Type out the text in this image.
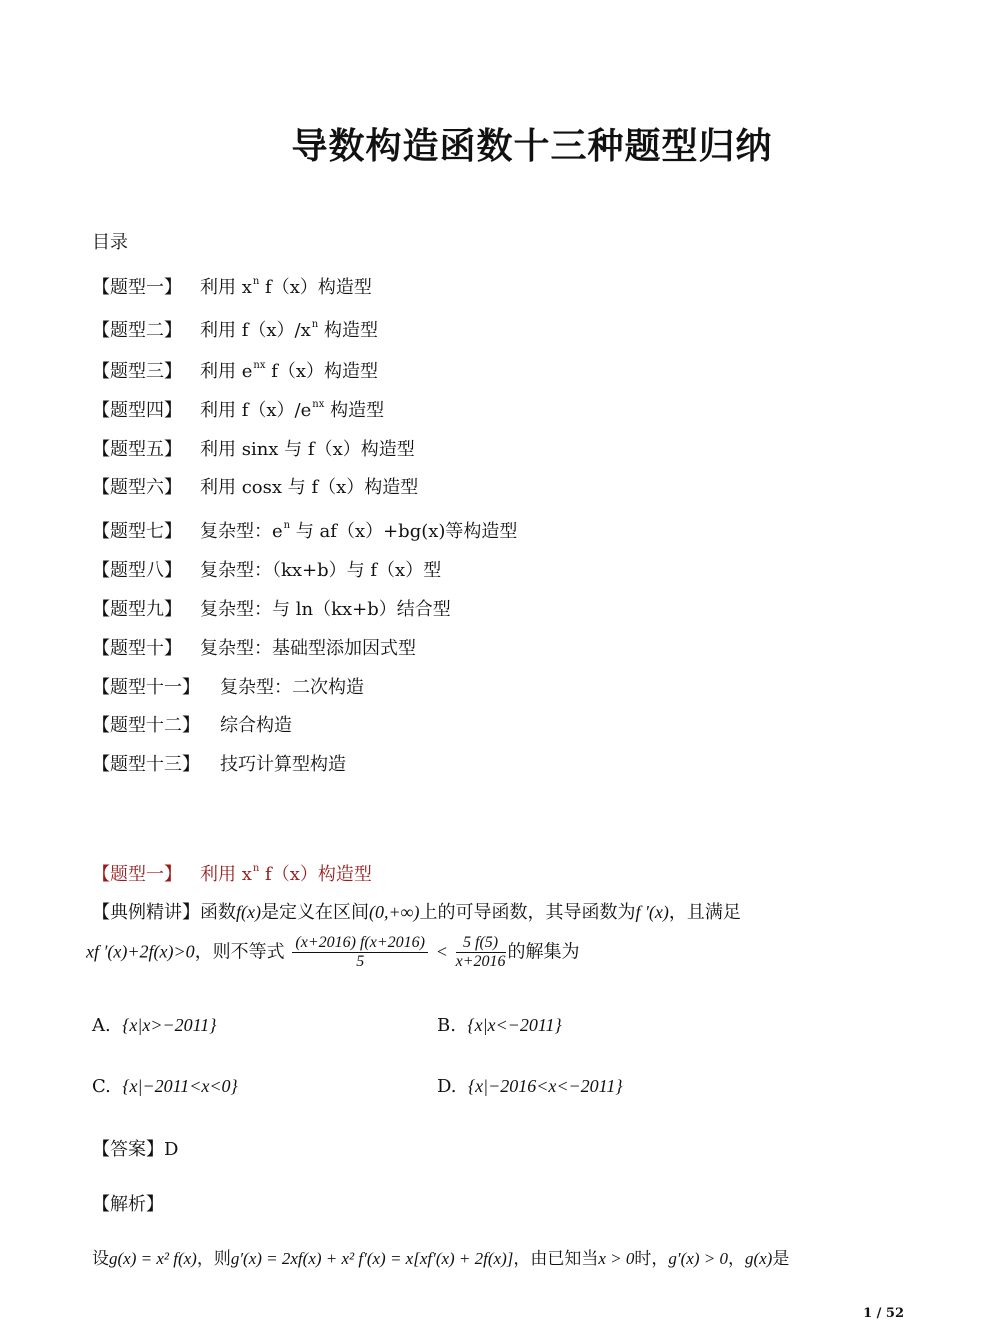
导数构造函数十三种题型归纳
目录
【题型一】 利用 $x^n$ f（x）构造型
【题型二】 利用 $f(x)/x^n$ 构造型
【题型三】 利用 $e^{nx}$ f（x）构造型
【题型四】 利用 $f(x)/e^{nx}$ 构造型
【题型五】 利用 sinx 与 f（x）构造型
【题型六】 利用 cosx 与 f（x）构造型
【题型七】 复杂型：$e^n$ 与 af（x）+bg(x)等构造型
【题型八】 复杂型：（kx+b）与 f（x）型
【题型九】 复杂型：与 ln（kx+b）结合型
【题型十】 复杂型：基础型添加因式型
【题型十一】 复杂型：二次构造
【题型十二】 综合构造
【题型十三】 技巧计算型构造
【题型一】 利用 $x^n$ f（x）构造型
【典例精讲】函数f(x)是定义在区间(0,+∞)上的可导函数，其导函数为f ′(x)，且满足
xf ′(x)+2f(x)>0，则不等式 $\frac{(x+2016) f(x+2016)}{5} < \frac{5 f(5)}{x+2016}$ 的解集为
A. {x|x>−2011}	B. {x|x<−2011}
C. {x|−2011<x<0}	D. {x|−2016<x<−2011}
【答案】D
【解析】
设g(x) = x² f(x)，则g′(x) = 2xf(x) + x² f′(x) = x[xf′(x) + 2f(x)]，由已知当x > 0时，g′(x) > 0，g(x)是
1 / 52
